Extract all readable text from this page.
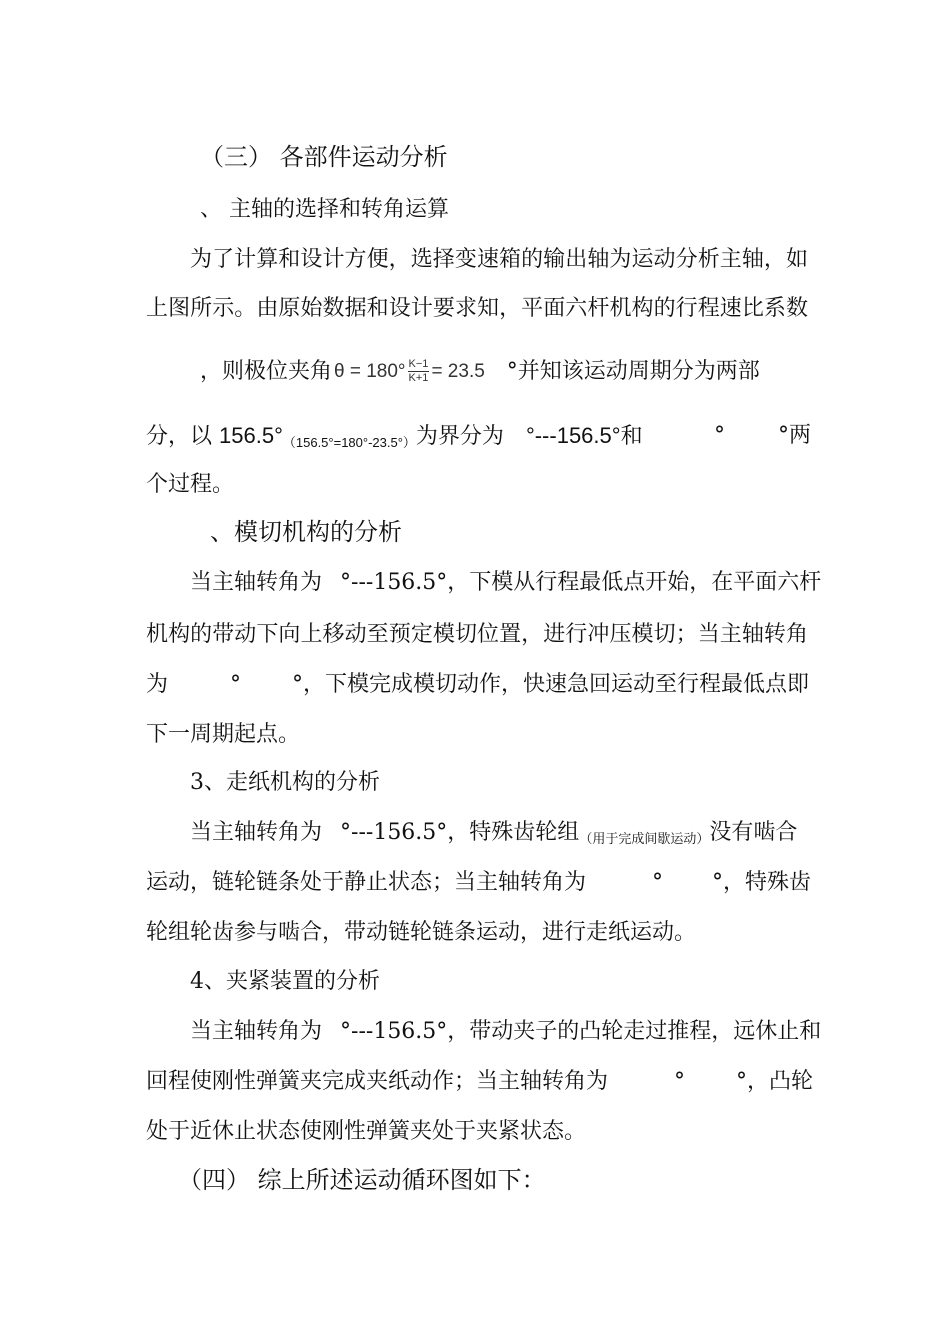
（三） 各部件运动分析
、 主轴的选择和转角运算
为了计算和设计方便，选择变速箱的输出轴为运动分析主轴，如
上图所示。由原始数据和设计要求知，平面六杆机构的行程速比系数
，则极位夹角 $\theta = 180^\circ \frac{K-1}{K+1} = 23.5$ °并知该运动周期分为两部
分，以 156.5°（156.5°=180°-23.5°）为界分为 °---156.5°和	° °两
个过程。
、模切机构的分析
当主轴转角为 °---156.5°，下模从行程最低点开始，在平面六杆
机构的带动下向上移动至预定模切位置，进行冲压模切；当主轴转角
为	° °，下模完成模切动作，快速急回运动至行程最低点即
下一周期起点。
3、走纸机构的分析
当主轴转角为 °---156.5°，特殊齿轮组（用于完成间歇运动）没有啮合
运动，链轮链条处于静止状态；当主轴转角为	° °，特殊齿
轮组轮齿参与啮合，带动链轮链条运动，进行走纸运动。
4、夹紧装置的分析
当主轴转角为 °---156.5°，带动夹子的凸轮走过推程，远休止和
回程使刚性弹簧夹完成夹纸动作；当主轴转角为	° °，凸轮
处于近休止状态使刚性弹簧夹处于夹紧状态。
（四） 综上所述运动循环图如下：
